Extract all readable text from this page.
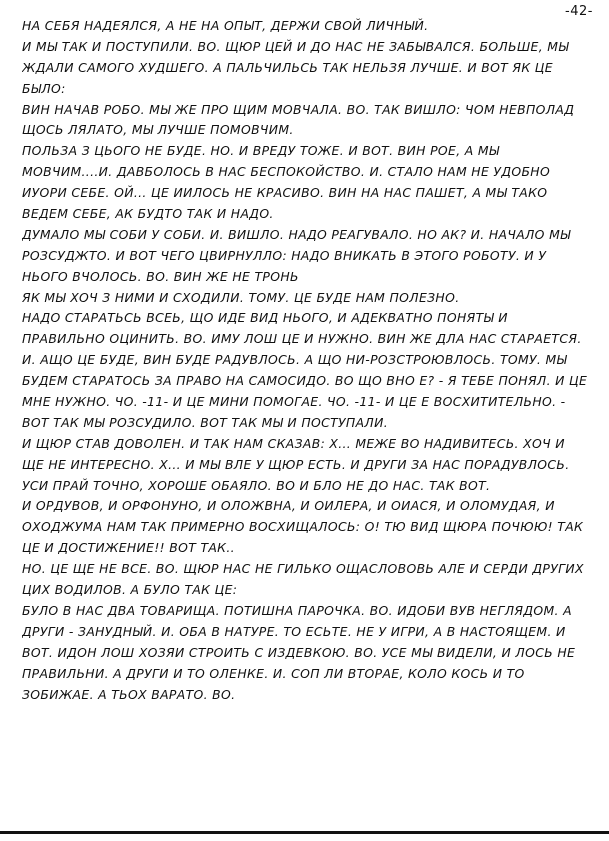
-42-
НА СЕБЯ НАДЕЯЛСЯ, А НЕ НА ОПЫТ, ДЕРЖИ СВОЙ ЛИЧНЫЙ.
И МЫ ТАК И ПОСТУПИЛИ. ВО. ЩЮР ЦЕЙ И ДО НАС НЕ ЗАБЫВАЛСЯ. БОЛЬШЕ, МЫ
ЖДАЛИ САМОГО ХУДШЕГО. А ПАЛЬЧИЛЬСЬ ТАК НЕЛЬЗЯ ЛУЧШЕ. И ВОТ ЯК ЦЕ
БЫЛО:
ВИН НАЧАВ РОБО. МЫ ЖЕ ПРО ЩИМ МОВЧАЛА. ВО. ТАК ВИШЛО: ЧОМ НЕВПОЛАД
ЩОСЬ ЛЯЛАТО, МЫ ЛУЧШЕ ПОМОВЧИМ.
ПОЛЬЗА З ЦЬОГО НЕ БУДЕ. НО. И ВРЕДУ ТОЖЕ. И ВОТ. ВИН РОЕ, А МЫ
МОВЧИМ....И. ДАВБОЛОСЬ В НАС БЕСПОКОЙСТВО. И. СТАЛО НАМ НЕ УДОБНО
ИУОРИ СЕБЕ. ОЙ... ЦЕ ИИЛОСЬ НЕ КРАСИВО. ВИН НА НАС ПАШЕТ, А МЫ ТАКО
ВЕДЕМ СЕБЕ, АК БУДТО ТАК И НАДО.
ДУМАЛО МЫ СОБИ У СОБИ. И. ВИШЛО. НАДО РЕАГУВАЛО. НО АК? И. НАЧАЛО МЫ
РОЗСУДЖТО. И ВОТ ЧЕГО ЦВИРНУЛЛО: НАДО ВНИКАТЬ В ЭТОГО РОБОТУ. И У
НЬОГО ВЧОЛОСЬ. ВО. ВИН ЖЕ НЕ ТРОНЬ
ЯК МЫ ХОЧ З НИМИ И СХОДИЛИ. ТОМУ. ЦЕ БУДЕ НАМ ПОЛЕЗНО.
НАДО СТАРАТЬСЬ ВСЕЬ, ЩО ИДЕ ВИД НЬОГО, И АДЕКВАТНО ПОНЯТЫ И
ПРАВИЛЬНО ОЦИНИТЬ. ВО. ИМУ ЛОШ ЦЕ И НУЖНО. ВИН ЖЕ ДЛА НАС СТАРАЕТСЯ.
И. АЩО ЦЕ БУДЕ, ВИН БУДЕ РАДУВЛОСЬ. А ЩО НИ-РОЗСТРОЮВЛОСЬ. ТОМУ. МЫ
БУДЕМ СТАРАТОСЬ ЗА ПРАВО НА САМОСИДО. ВО ЩО ВНО Е? - Я ТЕБЕ ПОНЯЛ. И ЦЕ
МНЕ НУЖНО. ЧО. -11- И ЦЕ МИНИ ПОМОГАЕ. ЧО. -11- И ЦЕ Е ВОСХИТИТЕЛЬНО. -
ВОТ ТАК МЫ РОЗСУДИЛО. ВОТ ТАК МЫ И ПОСТУПАЛИ.
И ЩЮР СТАВ ДОВОЛЕН. И ТАК НАМ СКАЗАВ: Х... МЕЖЕ ВО НАДИВИТЕСЬ. ХОЧ И
ЩЕ НЕ ИНТЕРЕСНО. Х... И МЫ ВЛЕ У ЩЮР ЕСТЬ. И ДРУГИ ЗА НАС ПОРАДУВЛОСЬ.
УСИ ПРАЙ ТОЧНО, ХОРОШЕ ОБАЯЛО. ВО И БЛО НЕ ДО НАС. ТАК ВОТ.
И ОРДУВОВ, И ОРФОНУНО, И ОЛОЖВНА, И ОИЛЕРА, И ОИАСЯ, И ОЛОМУДАЯ, И
ОХОДЖУМА НАМ ТАК ПРИМЕРНО ВОСХИЩАЛОСЬ: О! ТЮ ВИД ЩЮРА ПОЧЮЮ! ТАК
ЦЕ И ДОСТИЖЕНИЕ!! ВОТ ТАК..
НО. ЦЕ ЩЕ НЕ ВСЕ. ВО. ЩЮР НАС НЕ ГИЛЬКО ОЩАСЛОВОВЬ АЛЕ И СЕРДИ ДРУГИХ
ЦИХ ВОДИЛОВ. А БУЛО ТАК ЦЕ:
БУЛО В НАС ДВА ТОВАРИЩА. ПОТИШНА ПАРОЧКА. ВО. ИДОБИ ВУВ НЕГЛЯДОМ. А
ДРУГИ - ЗАНУДНЫЙ. И. ОБА В НАТУРЕ. ТО ЕСЬТЕ. НЕ У ИГРИ, А В НАСТОЯЩЕМ. И
ВОТ. ИДОН ЛОШ ХОЗЯИ СТРОИТЬ С ИЗДЕВКОЮ. ВО. УСЕ МЫ ВИДЕЛИ, И ЛОСЬ НЕ
ПРАВИЛЬНИ. А ДРУГИ И ТО ОЛЕНКЕ. И. СОП ЛИ ВТОРАЕ, КОЛО КОСЬ И ТО
ЗОБИЖАЕ. А ТЬОХ ВАРАТО. ВО.
